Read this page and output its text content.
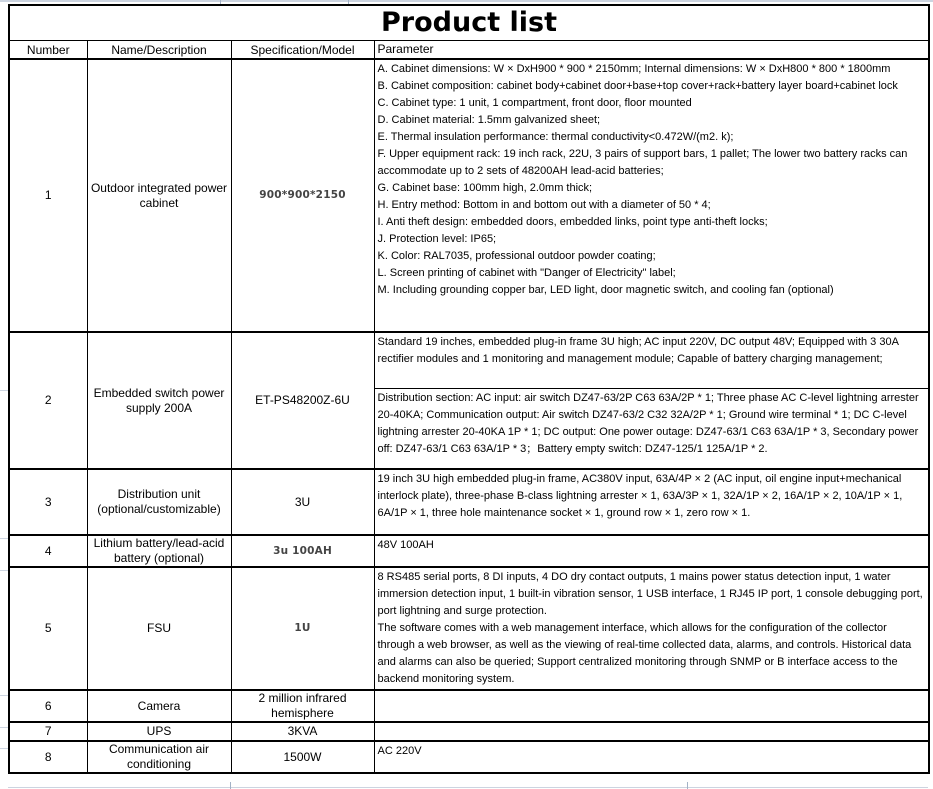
Product list			
Number	Name/Description	Specification/Model	Parameter
1	Outdoor integrated power cabinet	900*900*2150	A. Cabinet dimensions: W × DxH900 * 900 * 2150mm; Internal dimensions: W × DxH800 * 800 * 1800mm
B. Cabinet composition: cabinet body+cabinet door+base+top cover+rack+battery layer board+cabinet lock
C. Cabinet type: 1 unit, 1 compartment, front door, floor mounted
D. Cabinet material: 1.5mm galvanized sheet;
E. Thermal insulation performance: thermal conductivity<0.472W/(m2. k);
F. Upper equipment rack: 19 inch rack, 22U, 3 pairs of support bars, 1 pallet; The lower two battery racks can accommodate up to 2 sets of 48200AH lead-acid batteries;
G. Cabinet base: 100mm high, 2.0mm thick;
H. Entry method: Bottom in and bottom out with a diameter of 50 * 4;
I. Anti theft design: embedded doors, embedded links, point type anti-theft locks;
J. Protection level: IP65;
K. Color: RAL7035, professional outdoor powder coating;
L. Screen printing of cabinet with "Danger of Electricity" label;
M. Including grounding copper bar, LED light, door magnetic switch, and cooling fan (optional)
2	Embedded switch power supply 200A	ET-PS48200Z-6U	Standard 19 inches, embedded plug-in frame 3U high; AC input 220V, DC output 48V; Equipped with 3 30A rectifier modules and 1 monitoring and management module; Capable of battery charging management;
Distribution section: AC input: air switch DZ47-63/2P C63 63A/2P * 1; Three phase AC C-level lightning arrester 20-40KA; Communication output: Air switch DZ47-63/2 C32 32A/2P * 1; Ground wire terminal * 1; DC C-level lightning arrester 20-40KA 1P * 1; DC output: One power outage: DZ47-63/1 C63 63A/1P * 3, Secondary power off: DZ47-63/1 C63 63A/1P * 3；Battery empty switch: DZ47-125/1 125A/1P * 2.

3	Distribution unit (optional/customizable)	3U	19 inch 3U high embedded plug-in frame, AC380V input, 63A/4P × 2 (AC input, oil engine input+mechanical interlock plate), three-phase B-class lightning arrester × 1, 63A/3P × 1, 32A/1P × 2, 16A/1P × 2, 10A/1P × 1, 6A/1P × 1, three hole maintenance socket × 1, ground row × 1, zero row × 1.
4	Lithium battery/lead-acid battery (optional)	3u 100AH	48V 100AH
5	FSU	1U	8 RS485 serial ports, 8 DI inputs, 4 DO dry contact outputs, 1 mains power status detection input, 1 water immersion detection input, 1 built-in vibration sensor, 1 USB interface, 1 RJ45 IP port, 1 console debugging port, port lightning and surge protection.
The software comes with a web management interface, which allows for the configuration of the collector through a web browser, as well as the viewing of real-time collected data, alarms, and controls. Historical data and alarms can also be queried; Support centralized monitoring through SNMP or B interface access to the backend monitoring system.
6	Camera	2 million infrared hemisphere	
7	UPS	3KVA	
8	Communication air conditioning	1500W	AC 220V
